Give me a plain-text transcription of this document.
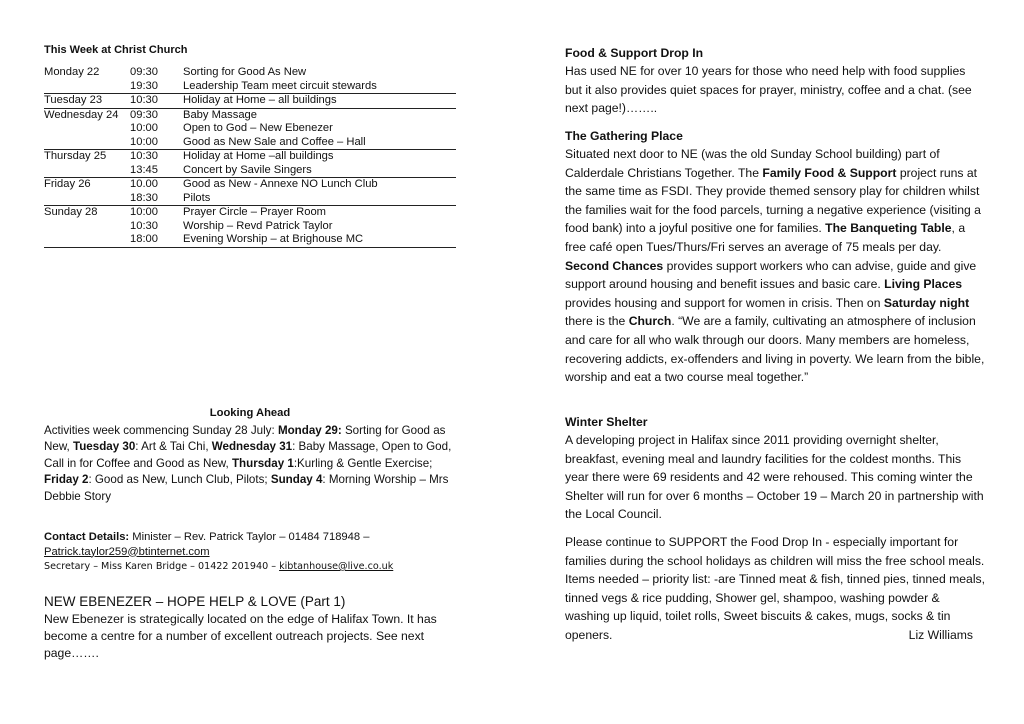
This Week at Christ Church
Monday 22	09:30	Sorting for Good As New
	19:30	Leadership Team meet circuit stewards
Tuesday 23	10:30	Holiday at Home – all buildings
Wednesday 24	09:30	Baby Massage
	10:00	Open to God – New Ebenezer
	10:00	Good as New Sale and Coffee – Hall
Thursday 25	10:30	Holiday at Home –all buildings
	13:45	Concert by Savile Singers
Friday 26	10.00	Good as New - Annexe NO Lunch Club
	18:30	Pilots
Sunday 28	10:00	Prayer Circle – Prayer Room
	10:30	Worship – Revd Patrick Taylor
	18:00	Evening Worship – at Brighouse MC
Looking Ahead
Activities week commencing Sunday 28 July: Monday 29: Sorting for Good as New, Tuesday 30: Art & Tai Chi, Wednesday 31: Baby Massage, Open to God, Call in for Coffee and Good as New, Thursday 1:Kurling & Gentle Exercise; Friday 2: Good as New, Lunch Club, Pilots; Sunday 4: Morning Worship – Mrs Debbie Story
Contact Details: Minister – Rev. Patrick Taylor – 01484 718948 –
Patrick.taylor259@btinternet.com
Secretary – Miss Karen Bridge – 01422 201940 – kibtanhouse@live.co.uk
NEW EBENEZER – HOPE HELP & LOVE (Part 1)
New Ebenezer is strategically located on the edge of Halifax Town. It has become a centre for a number of excellent outreach projects. See next page…….
Food & Support Drop In
Has used NE for over 10 years for those who need help with food supplies but it also provides quiet spaces for prayer, ministry, coffee and a chat. (see next page!)……..
The Gathering Place
Situated next door to NE (was the old Sunday School building) part of Calderdale Christians Together. The Family Food & Support project runs at the same time as FSDI. They provide themed sensory play for children whilst the families wait for the food parcels, turning a negative experience (visiting a food bank) into a joyful positive one for families. The Banqueting Table, a free café open Tues/Thurs/Fri serves an average of 75 meals per day. Second Chances provides support workers who can advise, guide and give support around housing and benefit issues and basic care. Living Places provides housing and support for women in crisis. Then on Saturday night there is the Church. “We are a family, cultivating an atmosphere of inclusion and care for all who walk through our doors. Many members are homeless, recovering addicts, ex-offenders and living in poverty. We learn from the bible, worship and eat a two course meal together.”
Winter Shelter
A developing project in Halifax since 2011 providing overnight shelter, breakfast, evening meal and laundry facilities for the coldest months. This year there were 69 residents and 42 were rehoused. This coming winter the Shelter will run for over 6 months – October 19 – March 20 in partnership with the Local Council.
Please continue to SUPPORT the Food Drop In - especially important for families during the school holidays as children will miss the free school meals. Items needed – priority list: -are Tinned meat & fish, tinned pies, tinned meals, tinned vegs & rice pudding, Shower gel, shampoo, washing powder & washing up liquid, toilet rolls, Sweet biscuits & cakes, mugs, socks & tin openers.	Liz Williams
